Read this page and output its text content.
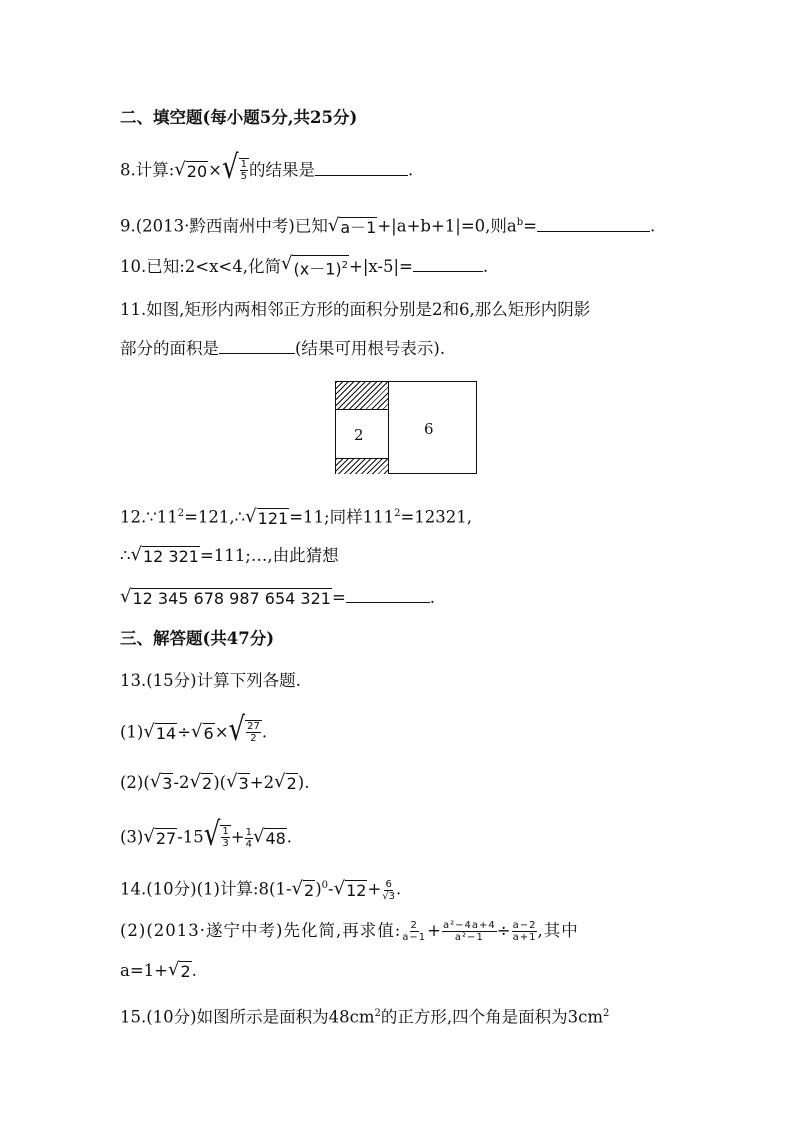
二、填空题(每小题5分,共25分)
8.计算: √ 20 × √ $\frac{1}{5}$ 的结果是	.
9.(2013·黔西南州中考)已知 √ a－1 +|a+b+1|=0,则$a^b=$	.
10.已知:2<x<4,化简 √ $(x-1)^2 +|x-5|=$	.
11.如图,矩形内两相邻正方形的面积分别是2和6,那么矩形内阴影
部分的面积是	(结果可用根号表示).
2	6
$12.\because 11^2=121,\therefore$ √ 121 =11;同样$111^2=12321$,
∴ √ 12 321 =111;…,由此猜想
√ 12 345 678 987 654 321 =	.
三、解答题(共47分)
13.(15分)计算下列各题.
(1) √ 14 ÷ √ 6 × √ $\frac{27}{2}$ .
(2)( √ 3 -2 √ 2 )( √ 3 +2 √ 2 ).
(3) √ 27 -15 √ $\frac{1}{3} + \frac{1}{4}$ √ 48 .
14.(10分)(1)计算:8(1- √ 2 )$^0$- √ $12 + \frac{6}{√3}$ .
(2)(2013·遂宁中考)先化简,再求值: $\frac{2}{a-1} + \frac{\text{a²−4a+4}}{\text{a²−1}} \div \frac{a-2}{a+1}$ ,其中
a=1+ √ 2 .
15.(10分)如图所示是面积为$48cm^2$的正方形,四个角是面积为$3cm^2$
